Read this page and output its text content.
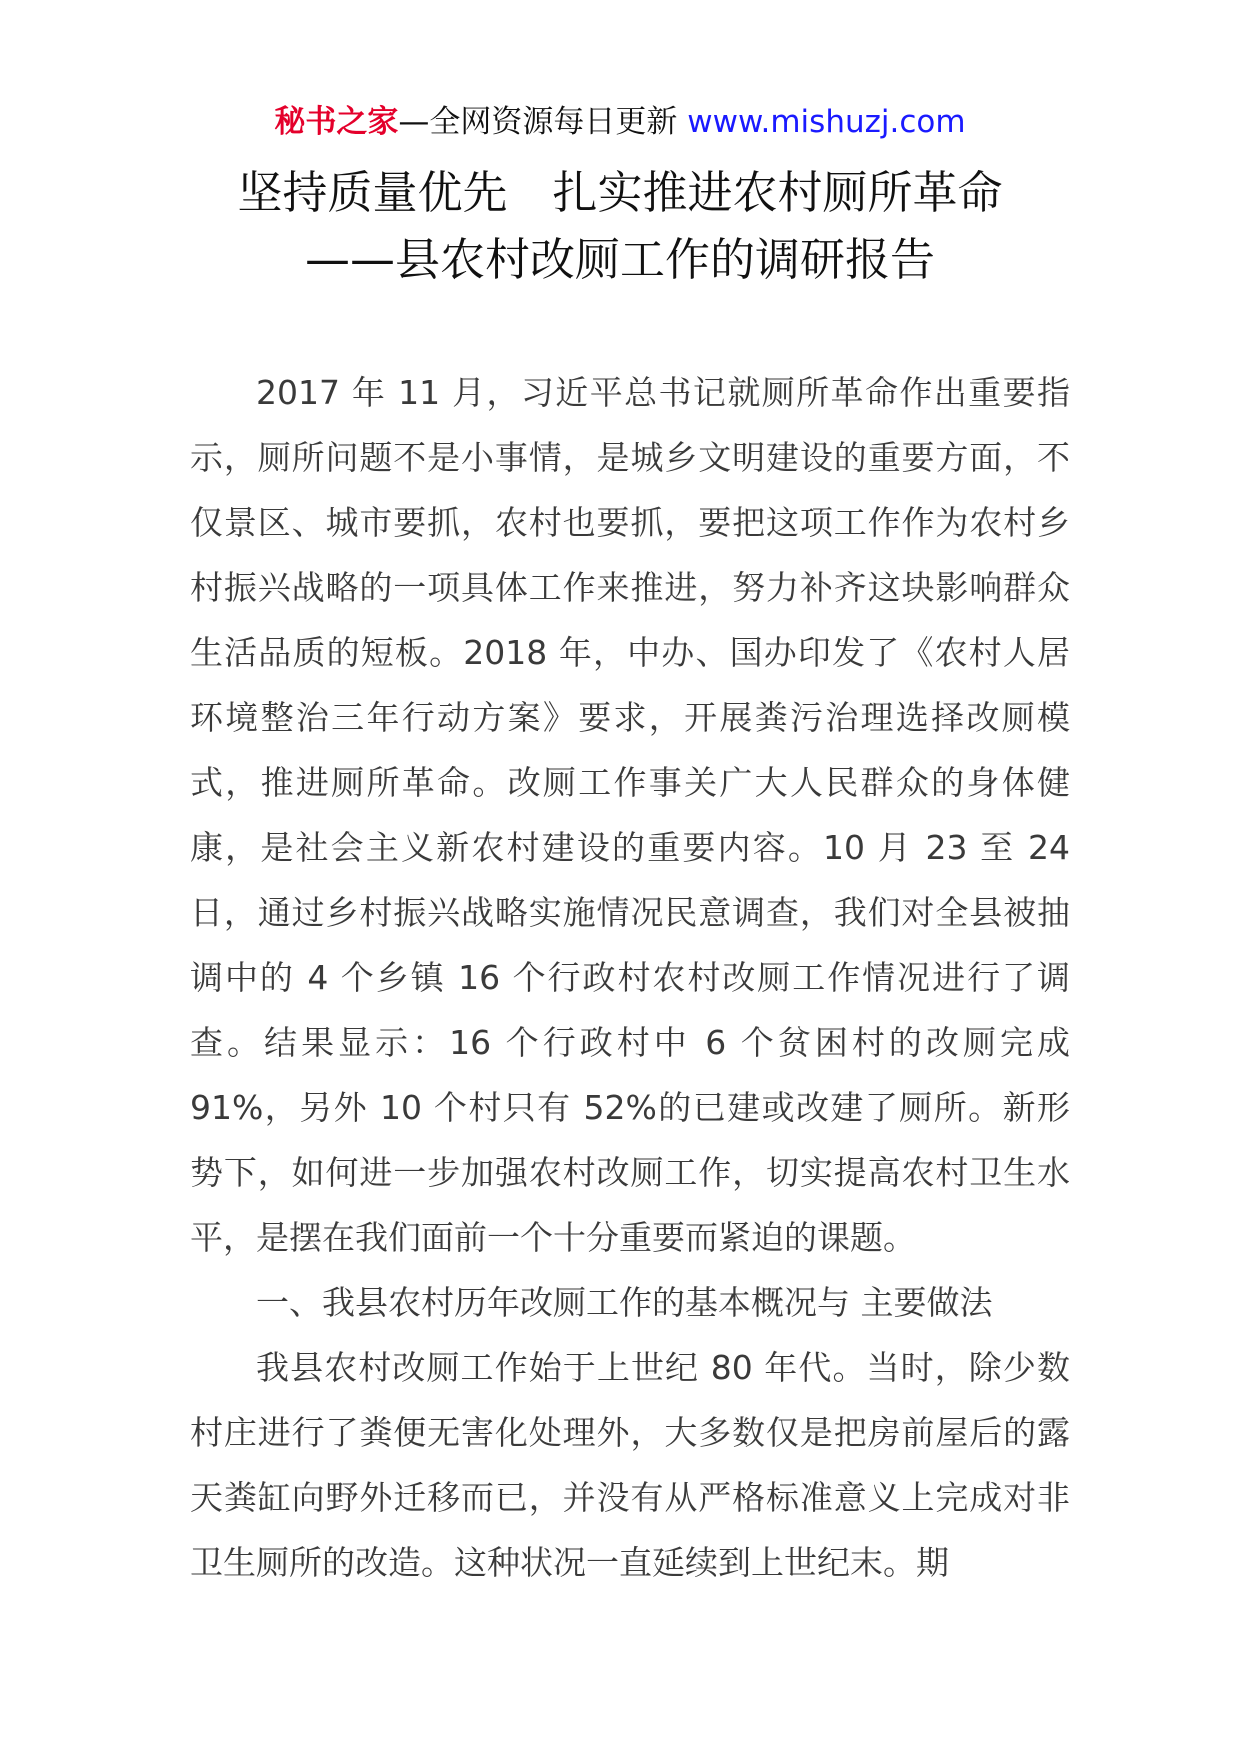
秘书之家—全网资源每日更新 www.mishuzj.com
坚持质量优先　扎实推进农村厕所革命
——县农村改厕工作的调研报告

2017 年 11 月，习近平总书记就厕所革命作出重要指示，厕所问题不是小事情，是城乡文明建设的重要方面，不仅景区、城市要抓，农村也要抓，要把这项工作作为农村乡村振兴战略的一项具体工作来推进，努力补齐这块影响群众生活品质的短板。2018 年，中办、国办印发了《农村人居环境整治三年行动方案》要求，开展粪污治理选择改厕模式，推进厕所革命。改厕工作事关广大人民群众的身体健康，是社会主义新农村建设的重要内容。10 月 23 至 24 日，通过乡村振兴战略实施情况民意调查，我们对全县被抽调中的 4 个乡镇 16 个行政村农村改厕工作情况进行了调查。结果显示：16 个行政村中 6 个贫困村的改厕完成 91%，另外 10 个村只有 52%的已建或改建了厕所。新形势下，如何进一步加强农村改厕工作，切实提高农村卫生水平，是摆在我们面前一个十分重要而紧迫的课题。

一、我县农村历年改厕工作的基本概况与 主要做法

我县农村改厕工作始于上世纪 80 年代。当时，除少数村庄进行了粪便无害化处理外，大多数仅是把房前屋后的露天粪缸向野外迁移而已，并没有从严格标准意义上完成对非卫生厕所的改造。这种状况一直延续到上世纪末。期
